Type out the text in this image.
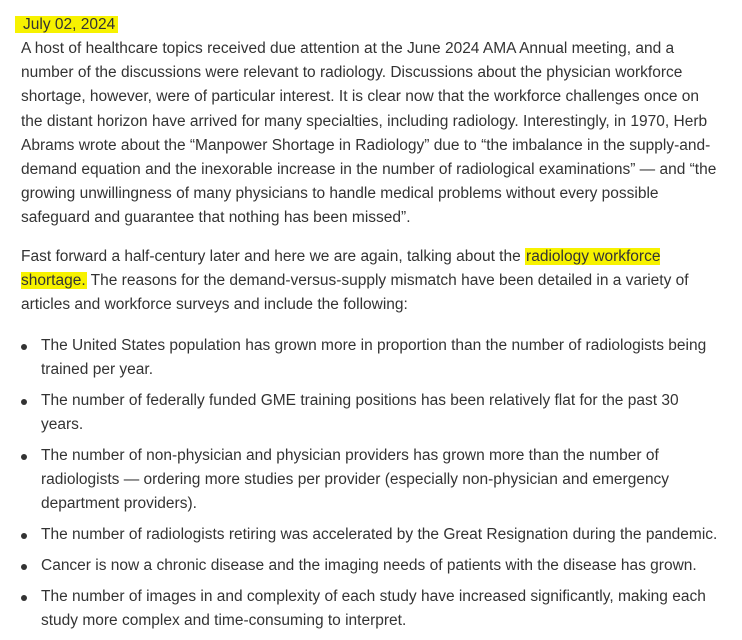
July 02, 2024

A host of healthcare topics received due attention at the June 2024 AMA Annual meeting, and a number of the discussions were relevant to radiology. Discussions about the physician workforce shortage, however, were of particular interest. It is clear now that the workforce challenges once on the distant horizon have arrived for many specialties, including radiology. Interestingly, in 1970, Herb Abrams wrote about the “Manpower Shortage in Radiology” due to “the imbalance in the supply-and-demand equation and the inexorable increase in the number of radiological examinations” — and “the growing unwillingness of many physicians to handle medical problems without every possible safeguard and guarantee that nothing has been missed”.

Fast forward a half-century later and here we are again, talking about the radiology workforce shortage. The reasons for the demand-versus-supply mismatch have been detailed in a variety of articles and workforce surveys and include the following:

The United States population has grown more in proportion than the number of radiologists being trained per year.
The number of federally funded GME training positions has been relatively flat for the past 30 years.
The number of non-physician and physician providers has grown more than the number of radiologists — ordering more studies per provider (especially non-physician and emergency department providers).
The number of radiologists retiring was accelerated by the Great Resignation during the pandemic.
Cancer is now a chronic disease and the imaging needs of patients with the disease has grown.
The number of images in and complexity of each study have increased significantly, making each study more complex and time-consuming to interpret.
